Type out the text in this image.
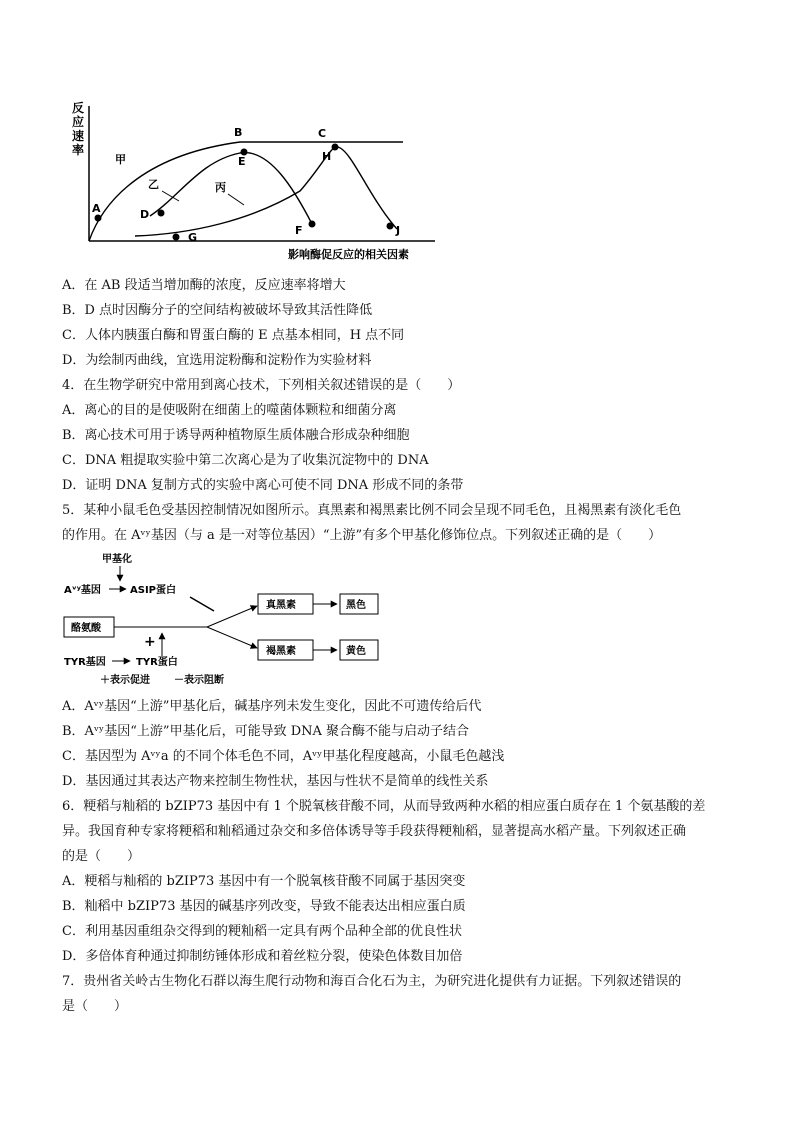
反
应
速
率
影响酶促反应的相关因素
A
B	C
D
E
F
G
H
J
甲
乙	丙
A．在 AB 段适当增加酶的浓度，反应速率将增大
B．D 点时因酶分子的空间结构被破坏导致其活性降低
C．人体内胰蛋白酶和胃蛋白酶的 E 点基本相同，H 点不同
D．为绘制丙曲线，宜选用淀粉酶和淀粉作为实验材料
4．在生物学研究中常用到离心技术，下列相关叙述错误的是（　　）
A．离心的目的是使吸附在细菌上的噬菌体颗粒和细菌分离
B．离心技术可用于诱导两种植物原生质体融合形成杂种细胞
C．DNA 粗提取实验中第二次离心是为了收集沉淀物中的 DNA
D．证明 DNA 复制方式的实验中离心可使不同 DNA 形成不同的条带
5．某种小鼠毛色受基因控制情况如图所示。真黑素和褐黑素比例不同会呈现不同毛色，且褐黑素有淡化毛色
的作用。在 Aᵛʸ基因（与 a 是一对等位基因）“上游”有多个甲基化修饰位点。下列叙述正确的是（　　）
甲基化
Aᵛʸ基因	ASIP蛋白
酪氨酸
+
TYR基因	TYR蛋白
真黑素	黑色
褐黑素	黄色
＋表示促进 －表示阻断
A．Aᵛʸ基因“上游”甲基化后，碱基序列未发生变化，因此不可遗传给后代
B．Aᵛʸ基因“上游”甲基化后，可能导致 DNA 聚合酶不能与启动子结合
C．基因型为 Aᵛʸa 的不同个体毛色不同，Aᵛʸ甲基化程度越高，小鼠毛色越浅
D．基因通过其表达产物来控制生物性状，基因与性状不是简单的线性关系
6．粳稻与籼稻的 bZIP73 基因中有 1 个脱氧核苷酸不同，从而导致两种水稻的相应蛋白质存在 1 个氨基酸的差
异。我国育种专家将粳稻和籼稻通过杂交和多倍体诱导等手段获得粳籼稻，显著提高水稻产量。下列叙述正确
的是（　　）
A．粳稻与籼稻的 bZIP73 基因中有一个脱氧核苷酸不同属于基因突变
B．籼稻中 bZIP73 基因的碱基序列改变，导致不能表达出相应蛋白质
C．利用基因重组杂交得到的粳籼稻一定具有两个品种全部的优良性状
D．多倍体育种通过抑制纺锤体形成和着丝粒分裂，使染色体数目加倍
7．贵州省关岭古生物化石群以海生爬行动物和海百合化石为主，为研究进化提供有力证据。下列叙述错误的
是（　　）
